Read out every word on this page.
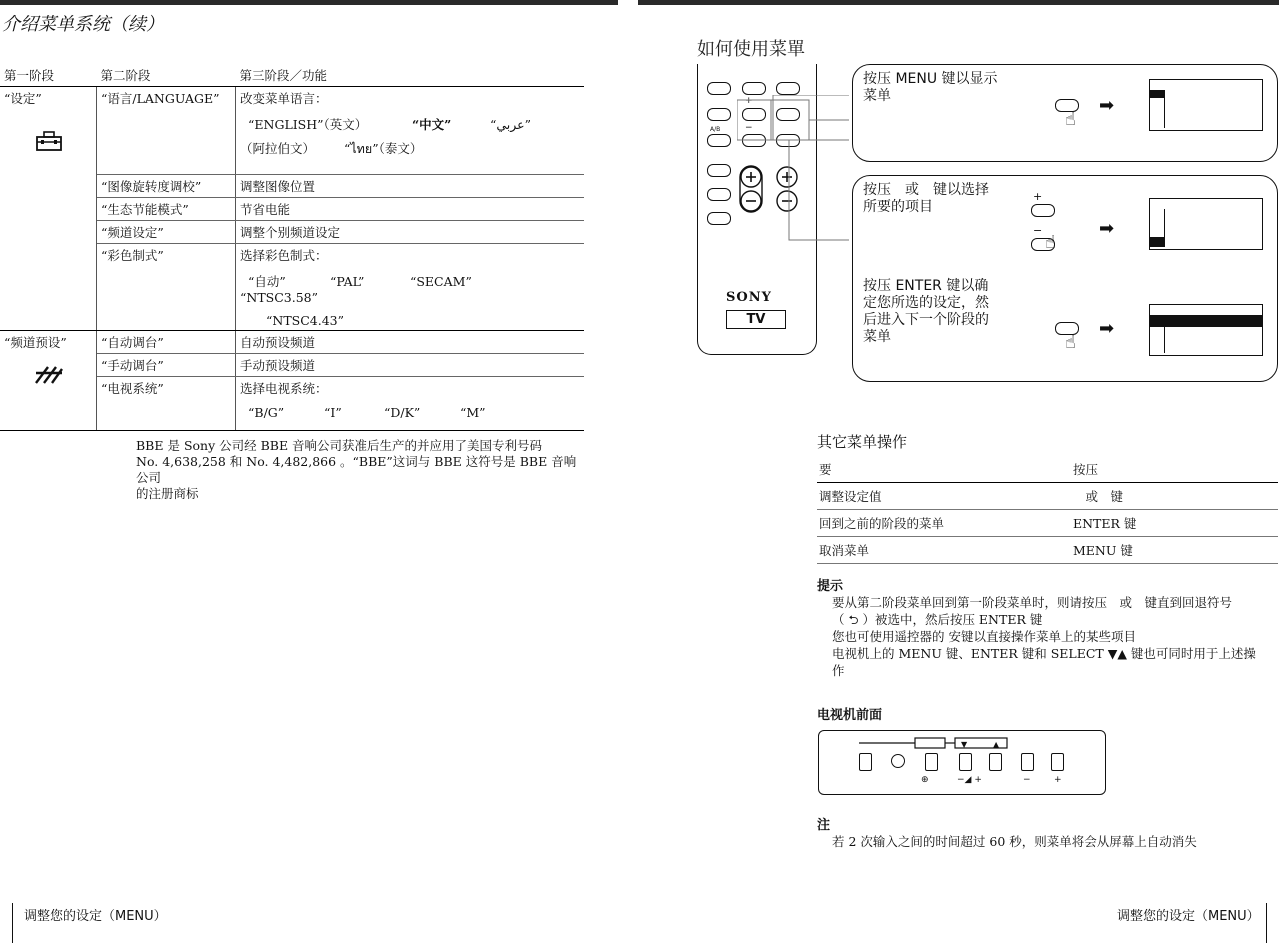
介绍菜单系统（续）
第一阶段	第二阶段	第三阶段／功能

“设定”	“语言/LANGUAGE”	改变菜单语言：
“ENGLISH”（英文） “中文” “عربي”
（阿拉伯文） “ไทย”（泰文）

	“图像旋转度调校”	调整图像位置
	“生态节能模式”	节省电能
	“频道设定”	调整个别频道设定
	“彩色制式”	选择彩色制式：
“自动” “PAL” “SECAM” “NTSC3.58”
“NTSC4.43”

“频道预设”	“自动调台”	自动预设频道
	“手动调台”	手动预设频道
	“电视系统”	选择电视系统：
“B/G” “I” “D/K” “M”
BBE 是 Sony 公司经 BBE 音响公司获准后生产的并应用了美国专利号码
No. 4,638,258 和 No. 4,482,866 。“BBE”这词与 BBE 这符号是 BBE 音响公司
的注册商标
调整您的设定（MENU）
如何使用菜單
A/B
+
−
SONY
TV
按压 MENU 键以显示
菜单
☝
➡
按压　或　键以选择
所要的项目
+
−
☝
➡
按压 ENTER 键以确
定您所选的设定，然
后进入下一个阶段的
菜单	☝
➡
其它菜单操作
要	按压
调整设定值	　或　键
回到之前的阶段的菜单	ENTER 键
取消菜单	MENU 键
提示
要从第二阶段菜单回到第一阶段菜单时，则请按压　或　键直到回退符号
（ ⮌ ）被选中，然后按压 ENTER 键
您也可使用遥控器的 安键以直接操作菜单上的某些项目
电视机上的 MENU 键、ENTER 键和 SELECT ▼▲ 键也可同时用于上述操
作
电视机前面
▼	▲
⊕	−◢ +	−	+
注
若 2 次输入之间的时间超过 60 秒，则菜单将会从屏幕上自动消失
调整您的设定（MENU）
